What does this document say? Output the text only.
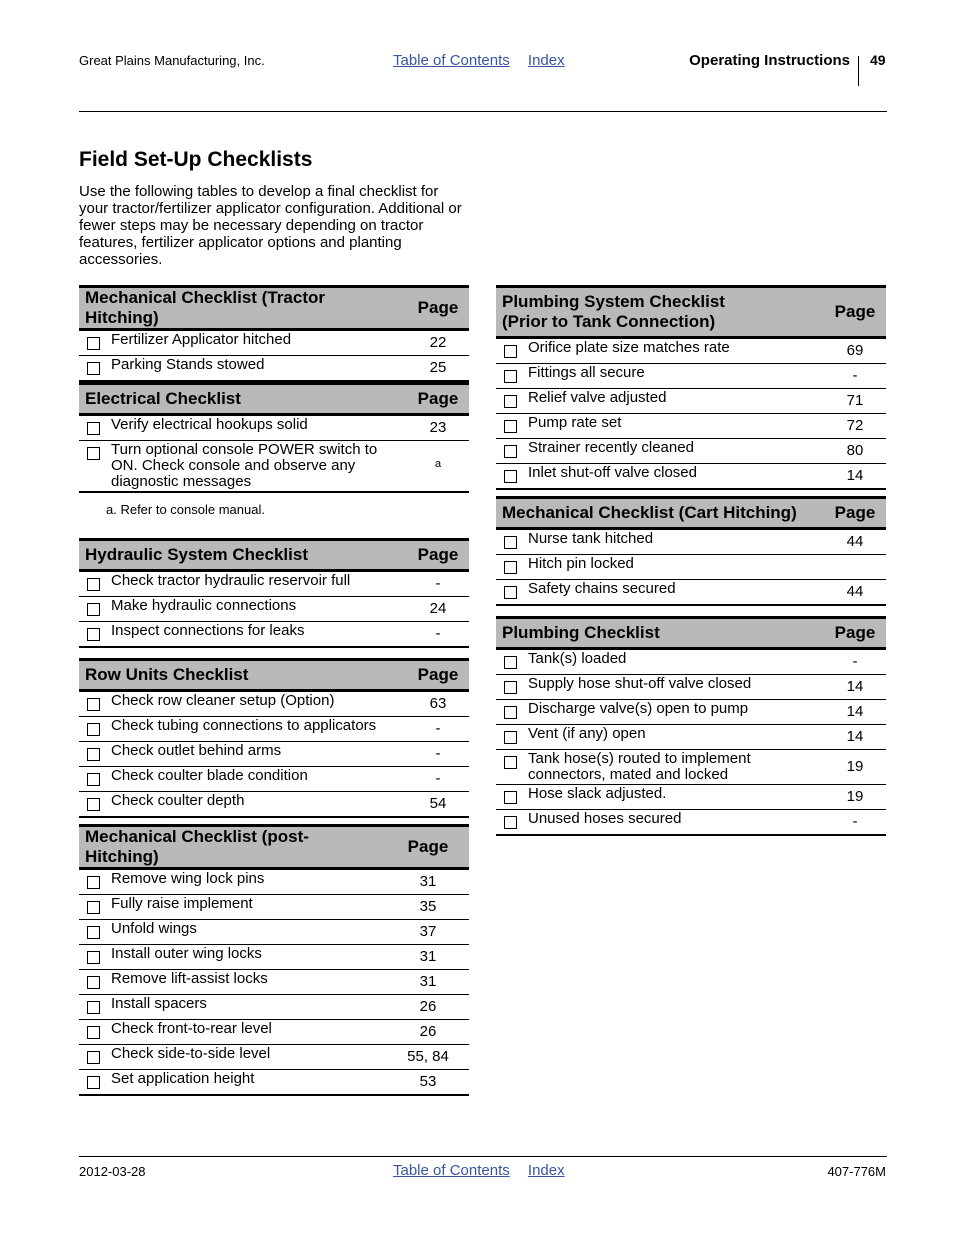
Great Plains Manufacturing, Inc.	Table of Contents Index	Operating Instructions 49
Field Set-Up Checklists

Use the following tables to develop a final checklist for your tractor/fertilizer applicator configuration. Additional or fewer steps may be necessary depending on tractor features, fertilizer applicator options and planting accessories.

Mechanical Checklist (Tractor Hitching)		Page
	Fertilizer Applicator hitched	22
	Parking Stands stowed	25
Electrical Checklist		Page
	Verify electrical hookups solid	23
	Turn optional console POWER switch to ON. Check console and observe any diagnostic messages	$^a$
a. Refer to console manual.
Hydraulic System Checklist		Page
	Check tractor hydraulic reservoir full	-
	Make hydraulic connections	24
	Inspect connections for leaks	-
Row Units Checklist		Page
	Check row cleaner setup (Option)	63
	Check tubing connections to applicators	-
	Check outlet behind arms	-
	Check coulter blade condition	-
	Check coulter depth	54
Mechanical Checklist (post-Hitching)		Page
	Remove wing lock pins	31
	Fully raise implement	35
	Unfold wings	37
	Install outer wing locks	31
	Remove lift-assist locks	31
	Install spacers	26
	Check front-to-rear level	26
	Check side-to-side level	55, 84
	Set application height	53
Plumbing System Checklist
(Prior to Tank Connection)		Page
	Orifice plate size matches rate	69
	Fittings all secure	-
	Relief valve adjusted	71
	Pump rate set	72
	Strainer recently cleaned	80
	Inlet shut-off valve closed	14
Mechanical Checklist (Cart Hitching)		Page
	Nurse tank hitched	44
	Hitch pin locked	
	Safety chains secured	44
Plumbing Checklist		Page
	Tank(s) loaded	-
	Supply hose shut-off valve closed	14
	Discharge valve(s) open to pump	14
	Vent (if any) open	14
	Tank hose(s) routed to implement connectors, mated and locked	19
	Hose slack adjusted.	19
	Unused hoses secured	-
2012-03-28	Table of Contents Index	407-776M
